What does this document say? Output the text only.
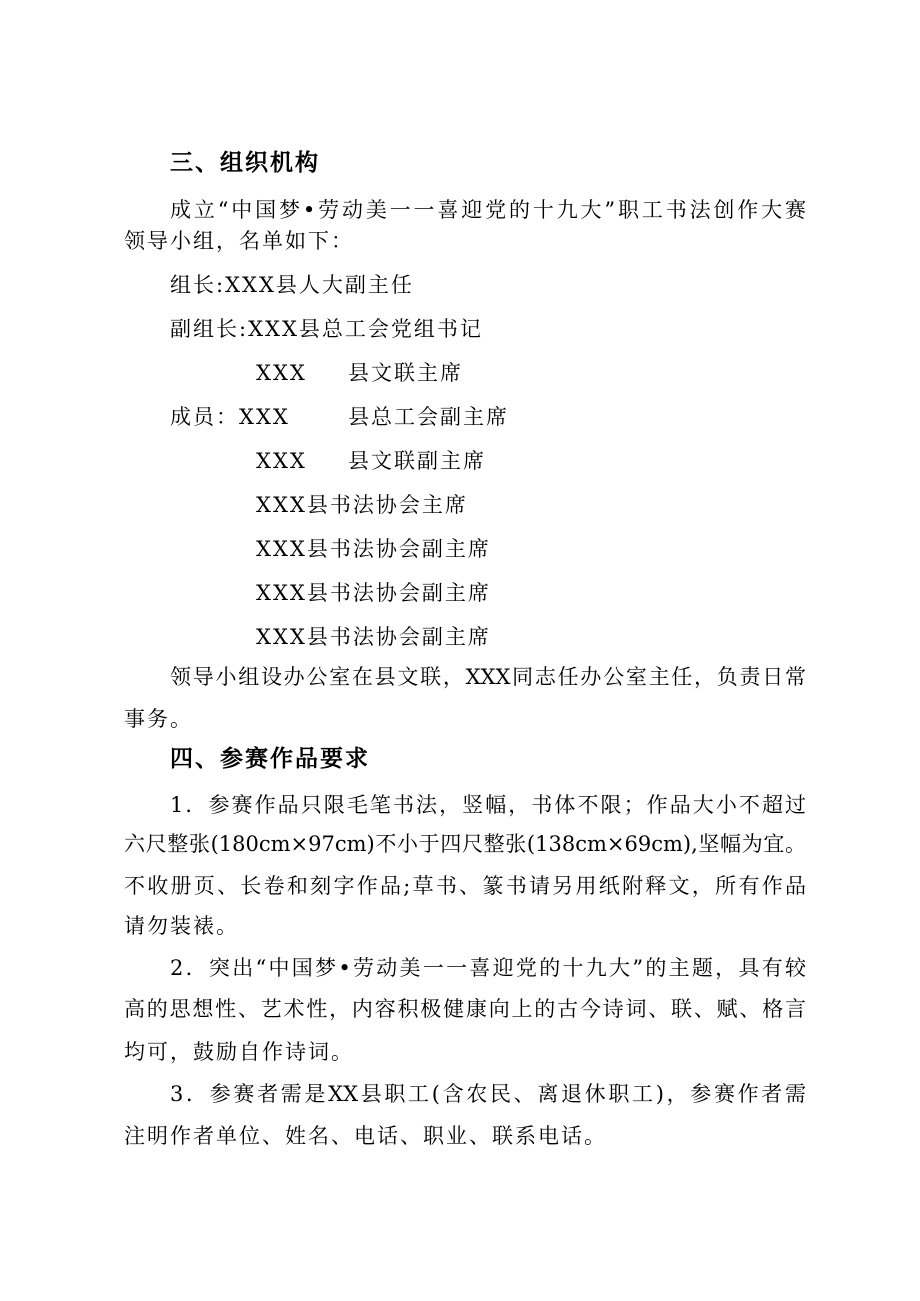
三、组织机构
成立“中国梦•劳动美一一喜迎党的十九大”职工书法创作大赛
领导小组，名单如下：
组长:XXX县人大副主任
副组长:XXX县总工会党组书记
XXX 县文联主席
成员：XXX	县总工会副主席
XXX 县文联副主席
XXX县书法协会主席
XXX县书法协会副主席
XXX县书法协会副主席
XXX县书法协会副主席
领导小组设办公室在县文联，XXX同志任办公室主任，负责日常
事务。
四、参赛作品要求
1．参赛作品只限毛笔书法，竖幅，书体不限；作品大小不超过
六尺整张(180cm×97cm)不小于四尺整张(138cm×69cm),坚幅为宜。
不收册页、长卷和刻字作品;草书、篆书请另用纸附释文，所有作品
请勿装裱。
2．突出“中国梦•劳动美一一喜迎党的十九大”的主题，具有较
高的思想性、艺术性，内容积极健康向上的古今诗词、联、赋、格言
均可，鼓励自作诗词。
3．参赛者需是XX县职工(含农民、离退休职工)，参赛作者需
注明作者单位、姓名、电话、职业、联系电话。
